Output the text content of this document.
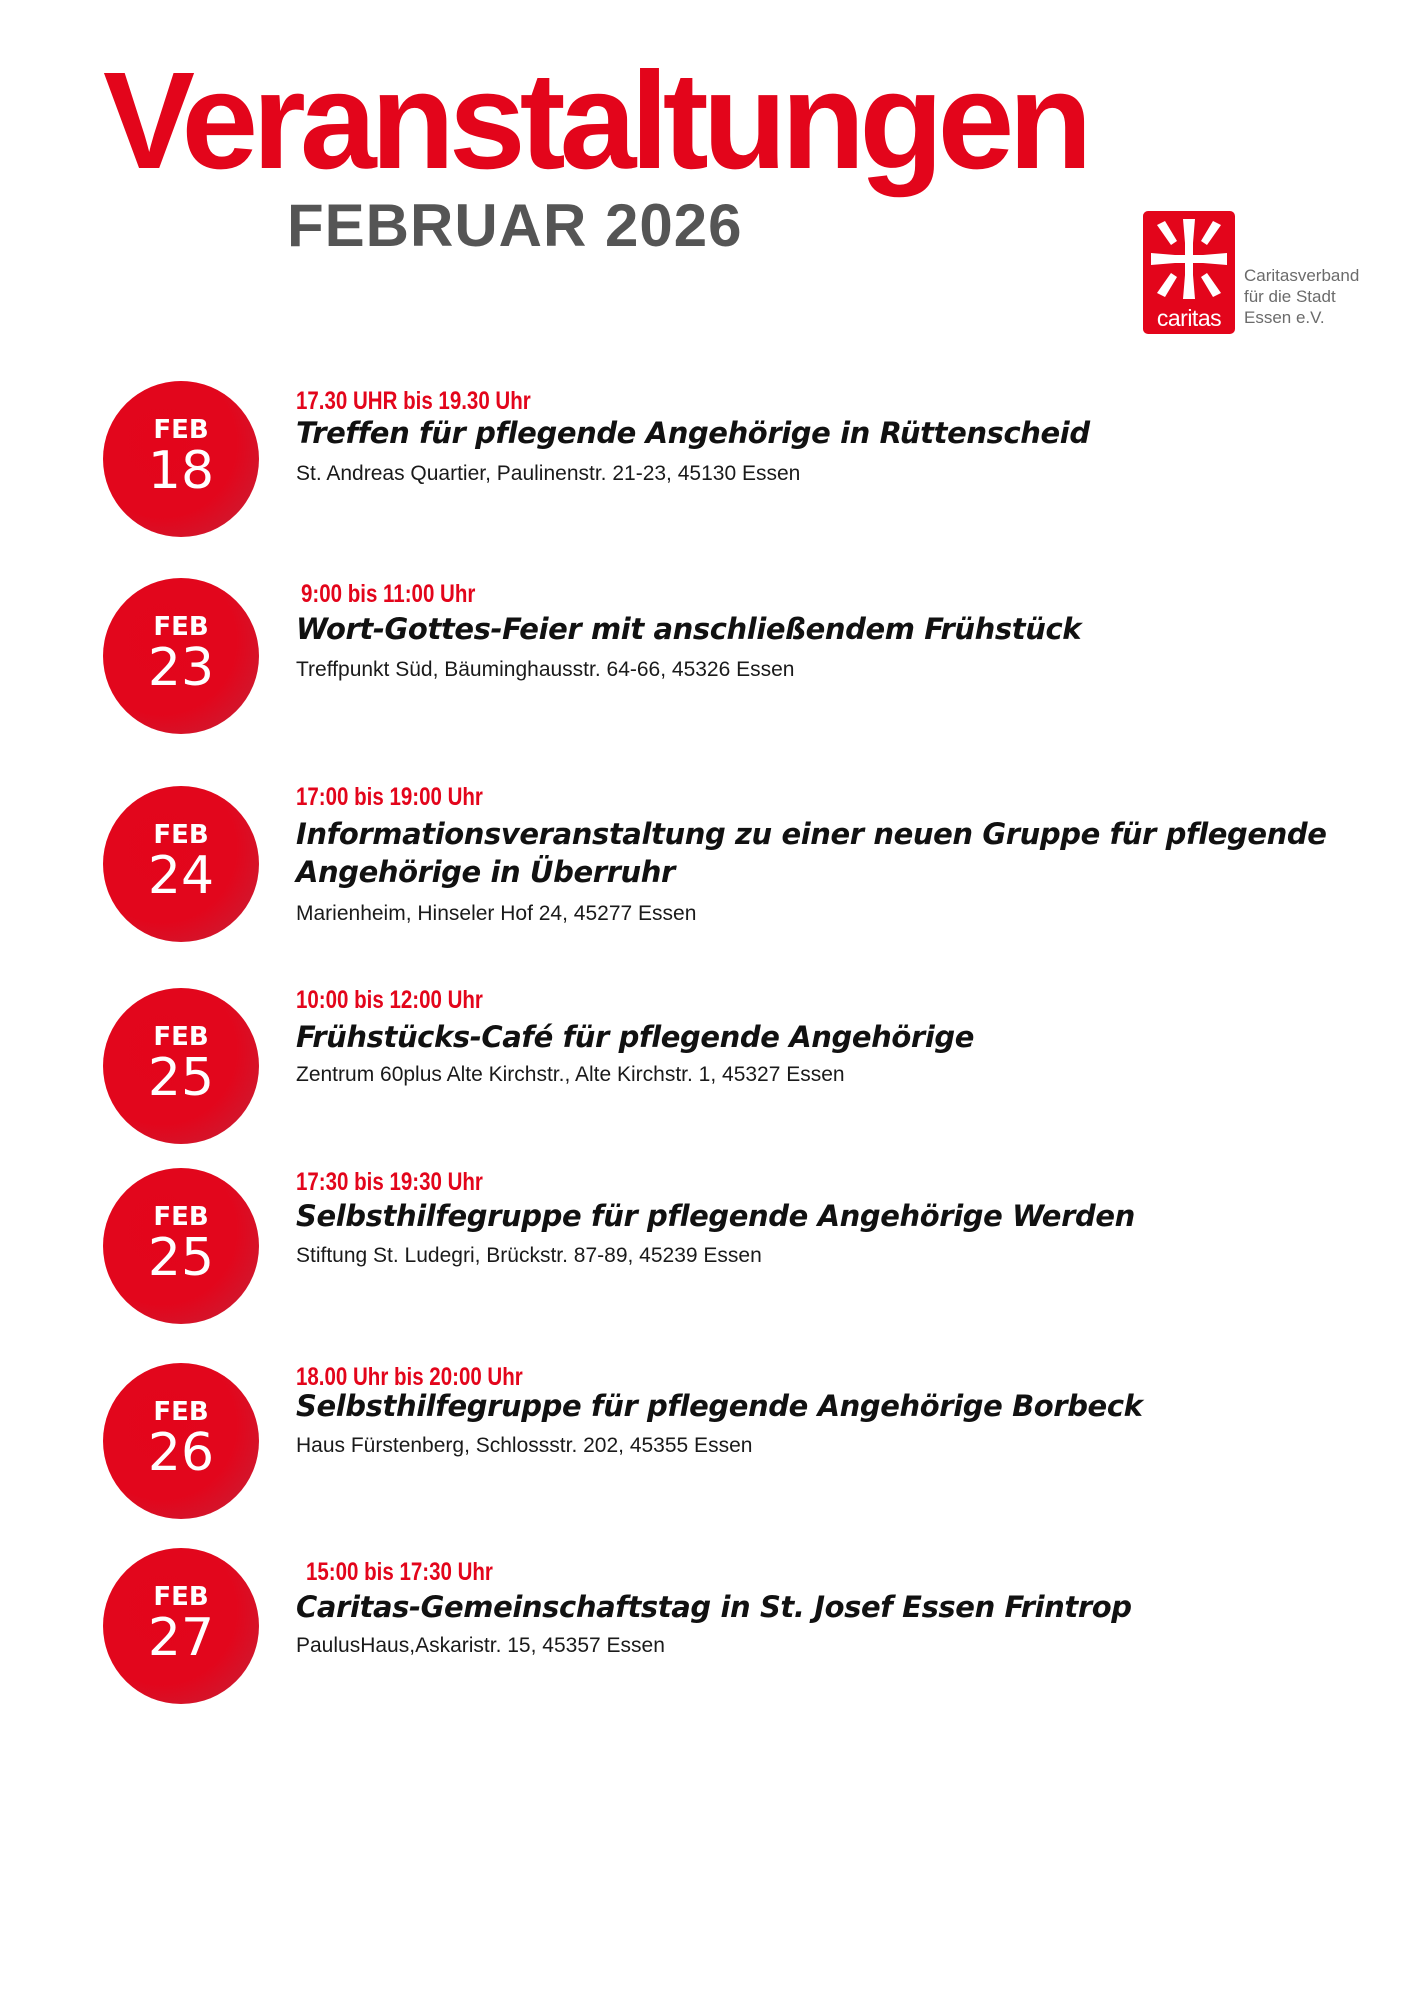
Veranstaltungen
FEBRUAR 2026
caritas
Caritasverband
für die Stadt
Essen e.V.
FEB
18
17.30 UHR bis 19.30 Uhr
Treffen für pflegende Angehörige in Rüttenscheid
St. Andreas Quartier, Paulinenstr. 21-23, 45130 Essen
FEB
23
9:00 bis 11:00 Uhr
Wort-Gottes-Feier mit anschließendem Frühstück
Treffpunkt Süd, Bäuminghausstr. 64-66, 45326 Essen
FEB
24
17:00 bis 19:00 Uhr
Informationsveranstaltung zu einer neuen Gruppe für pflegende Angehörige in Überruhr
Marienheim, Hinseler Hof 24, 45277 Essen
FEB
25
10:00 bis 12:00 Uhr
Frühstücks-Café für pflegende Angehörige
Zentrum 60plus Alte Kirchstr., Alte Kirchstr. 1, 45327 Essen
FEB
25
17:30 bis 19:30 Uhr
Selbsthilfegruppe für pflegende Angehörige Werden
Stiftung St. Ludegri, Brückstr. 87-89, 45239 Essen
FEB
26
18.00 Uhr bis 20:00 Uhr
Selbsthilfegruppe für pflegende Angehörige Borbeck
Haus Fürstenberg, Schlossstr. 202, 45355 Essen
FEB
27
15:00 bis 17:30 Uhr
Caritas-Gemeinschaftstag in St. Josef Essen Frintrop
PaulusHaus,Askaristr. 15, 45357 Essen
